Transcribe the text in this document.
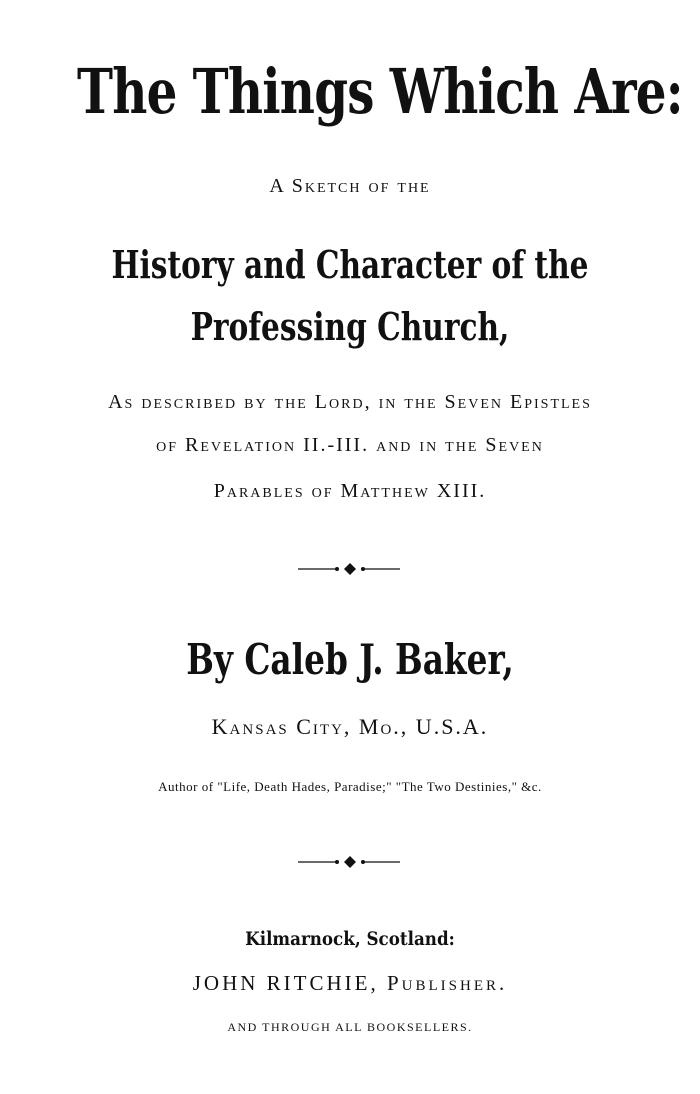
The Things Which Are:
A Sketch of the
History and Character of the
Professing Church,
As described by the Lord, in the Seven Epistles
of Revelation II.-III. and in the Seven
Parables of Matthew XIII.
By Caleb J. Baker,
Kansas City, Mo., U.S.A.
Author of "Life, Death Hades, Paradise;" "The Two Destinies," &c.
Kilmarnock, Scotland:
JOHN RITCHIE, Publisher.
AND THROUGH ALL BOOKSELLERS.
